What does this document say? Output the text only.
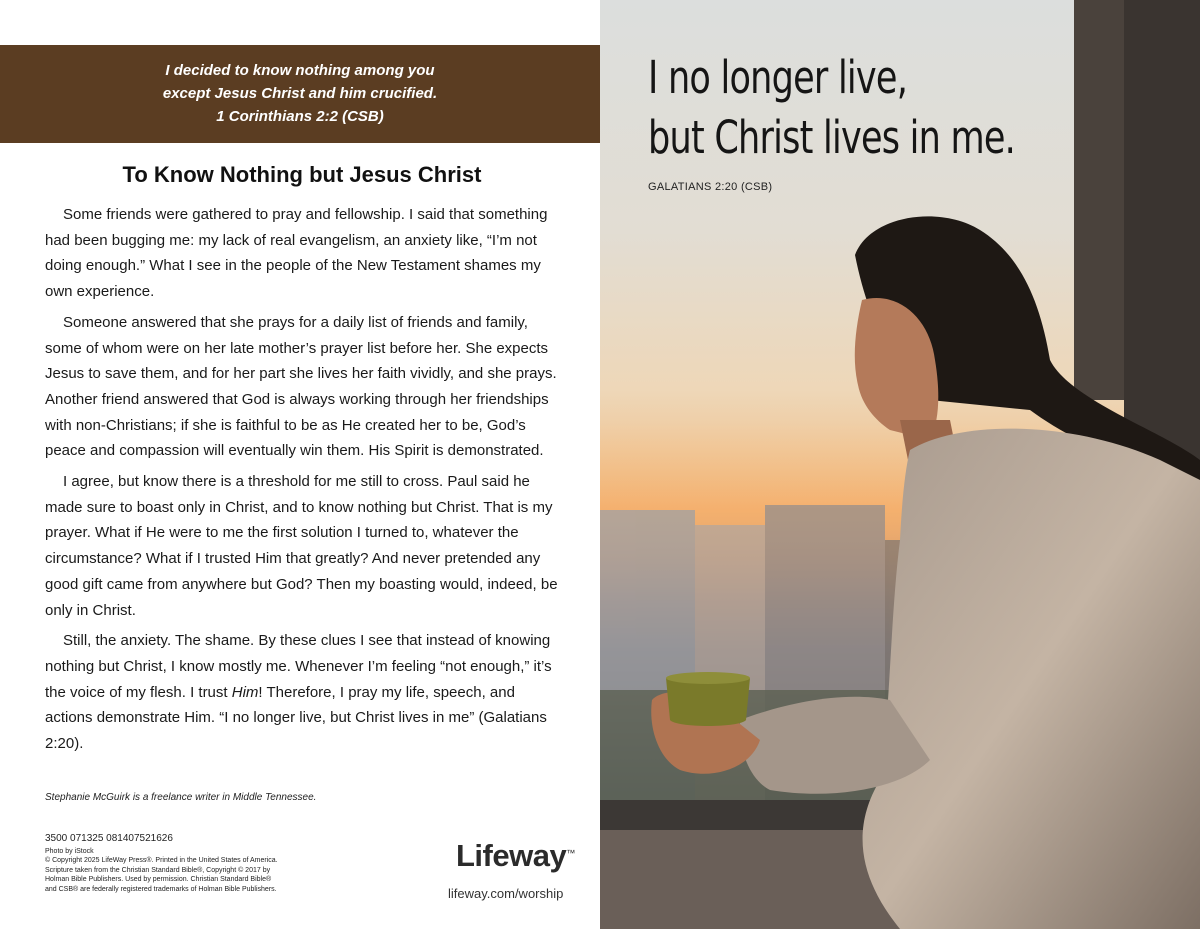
I decided to know nothing among you
except Jesus Christ and him crucified.
1 Corinthians 2:2 (CSB)
To Know Nothing but Jesus Christ

Some friends were gathered to pray and fellowship. I said that something had been bugging me: my lack of real evangelism, an anxiety like, “I’m not doing enough.” What I see in the people of the New Testament shames my own experience.

Someone answered that she prays for a daily list of friends and family, some of whom were on her late mother’s prayer list before her. She expects Jesus to save them, and for her part she lives her faith vividly, and she prays. Another friend answered that God is always working through her friendships with non-Christians; if she is faithful to be as He created her to be, God’s peace and compassion will eventually win them. His Spirit is demonstrated.

I agree, but know there is a threshold for me still to cross. Paul said he made sure to boast only in Christ, and to know nothing but Christ. That is my prayer. What if He were to me the first solution I turned to, whatever the circumstance? What if I trusted Him that greatly? And never pretended any good gift came from anywhere but God? Then my boasting would, indeed, be only in Christ.

Still, the anxiety. The shame. By these clues I see that instead of knowing nothing but Christ, I know mostly me. Whenever I’m feeling “not enough,” it’s the voice of my flesh. I trust Him! Therefore, I pray my life, speech, and actions demonstrate Him. “I no longer live, but Christ lives in me” (Galatians 2:20).

Stephanie McGuirk is a freelance writer in Middle Tennessee.
3500 071325 081407521626
Photo by iStock
© Copyright 2025 LifeWay Press®. Printed in the United States of America.
Scripture taken from the Christian Standard Bible®, Copyright © 2017 by
Holman Bible Publishers. Used by permission. Christian Standard Bible®
and CSB® are federally registered trademarks of Holman Bible Publishers.
Lifeway™
lifeway.com/worship
I no longer live,
but Christ lives in me.
GALATIANS 2:20 (CSB)
